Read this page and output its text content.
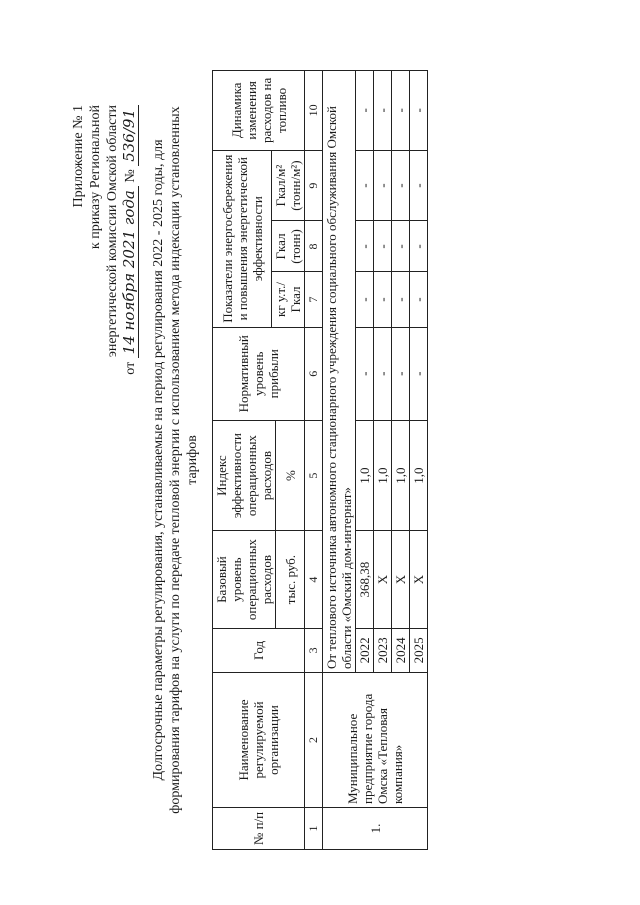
Приложение № 1 к приказу Региональной энергетической комиссии Омской области
от 14 ноября 2021 года № 536/91
Долгосрочные параметры регулирования, устанавливаемые на период регулирования 2022 - 2025 годы, для формирования тарифов на услуги по передаче тепловой энергии с использованием метода индексации установленных тарифов
№ п/п	Наименование регулируемой организации	Год	Базовый уровень операционных расходов	Индекс эффективности операционных расходов	Нормативный уровень прибыли	Показатели энергосбережения и повышения энергетической эффективности			Динамика изменения расходов на топливо
						кг у.т./ Гкал	Гкал (тонн)	Гкал/м² (тонн/м²)	
			тыс. руб.	%					
1	2	3	4	5	6	7	8	9	10
1.	Муниципальное предприятие города Омска «Тепловая компания»	От теплового источника автономного стационарного учреждения социального обслуживания Омской области «Омский дом-интернат»							
		2022	368,38	1,0	-	-	-	-	-
		2023	X	1,0	-	-	-	-	-
		2024	X	1,0	-	-	-	-	-
		2025	X	1,0	-	-	-	-	-
